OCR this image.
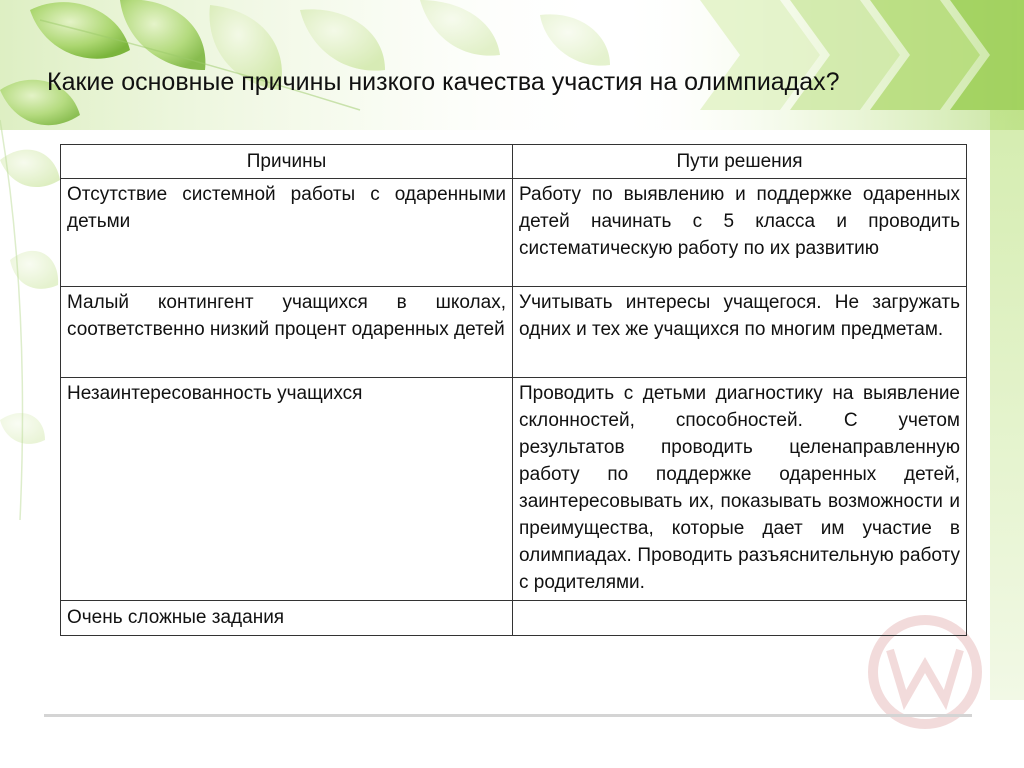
Какие основные причины низкого качества участия на олимпиадах?
Причины	Пути решения
Отсутствие системной работы с одаренными детьми	Работу по выявлению и поддержке одаренных детей начинать с 5 класса и проводить систематическую работу по их развитию
Малый контингент учащихся в школах, соответственно низкий процент одаренных детей	Учитывать интересы учащегося. Не загружать одних и тех же учащихся по многим предметам.
Незаинтересованность учащихся	Проводить с детьми диагностику на выявление склонностей, способностей. С учетом результатов проводить целенаправленную работу по поддержке одаренных детей, заинтересовывать их, показывать возможности и преимущества, которые дает им участие в олимпиадах. Проводить разъяснительную работу с родителями.
Очень сложные задания	
